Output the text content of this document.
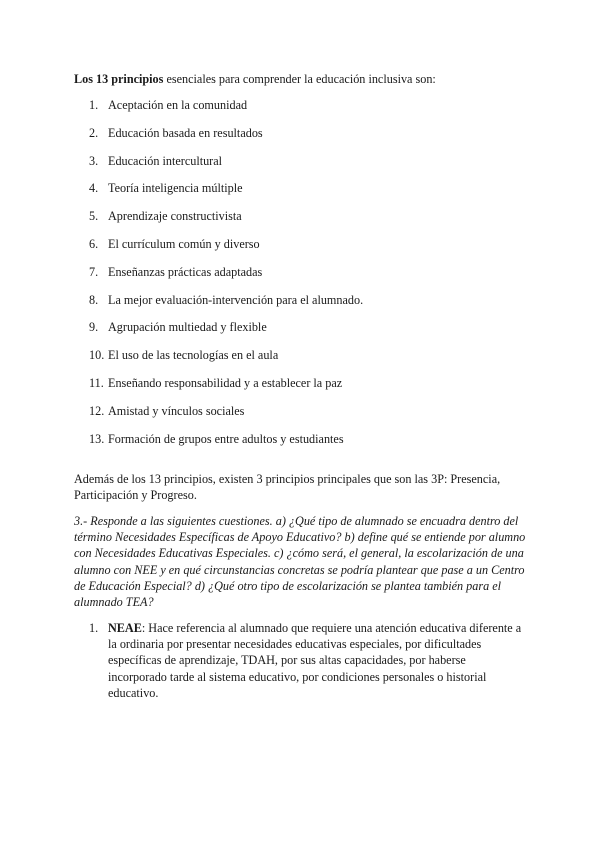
Los 13 principios esenciales para comprender la educación inclusiva son:
1. Aceptación en la comunidad
2. Educación basada en resultados
3. Educación intercultural
4. Teoría inteligencia múltiple
5. Aprendizaje constructivista
6. El currículum común y diverso
7. Enseñanzas prácticas adaptadas
8. La mejor evaluación-intervención para el alumnado.
9. Agrupación multiedad y flexible
10. El uso de las tecnologías en el aula
11. Enseñando responsabilidad y a establecer la paz
12. Amistad y vínculos sociales
13. Formación de grupos entre adultos y estudiantes
Además de los 13 principios, existen 3 principios principales que son las 3P: Presencia, Participación y Progreso.
3.- Responde a las siguientes cuestiones. a) ¿Qué tipo de alumnado se encuadra dentro del término Necesidades Específicas de Apoyo Educativo? b) define qué se entiende por alumno con Necesidades Educativas Especiales. c) ¿cómo será, el general, la escolarización de una alumno con NEE y en qué circunstancias concretas se podría plantear que pase a un Centro de Educación Especial? d) ¿Qué otro tipo de escolarización se plantea también para el alumnado TEA?
1. NEAE: Hace referencia al alumnado que requiere una atención educativa diferente a la ordinaria por presentar necesidades educativas especiales, por dificultades específicas de aprendizaje, TDAH, por sus altas capacidades, por haberse incorporado tarde al sistema educativo, por condiciones personales o historial educativo.
